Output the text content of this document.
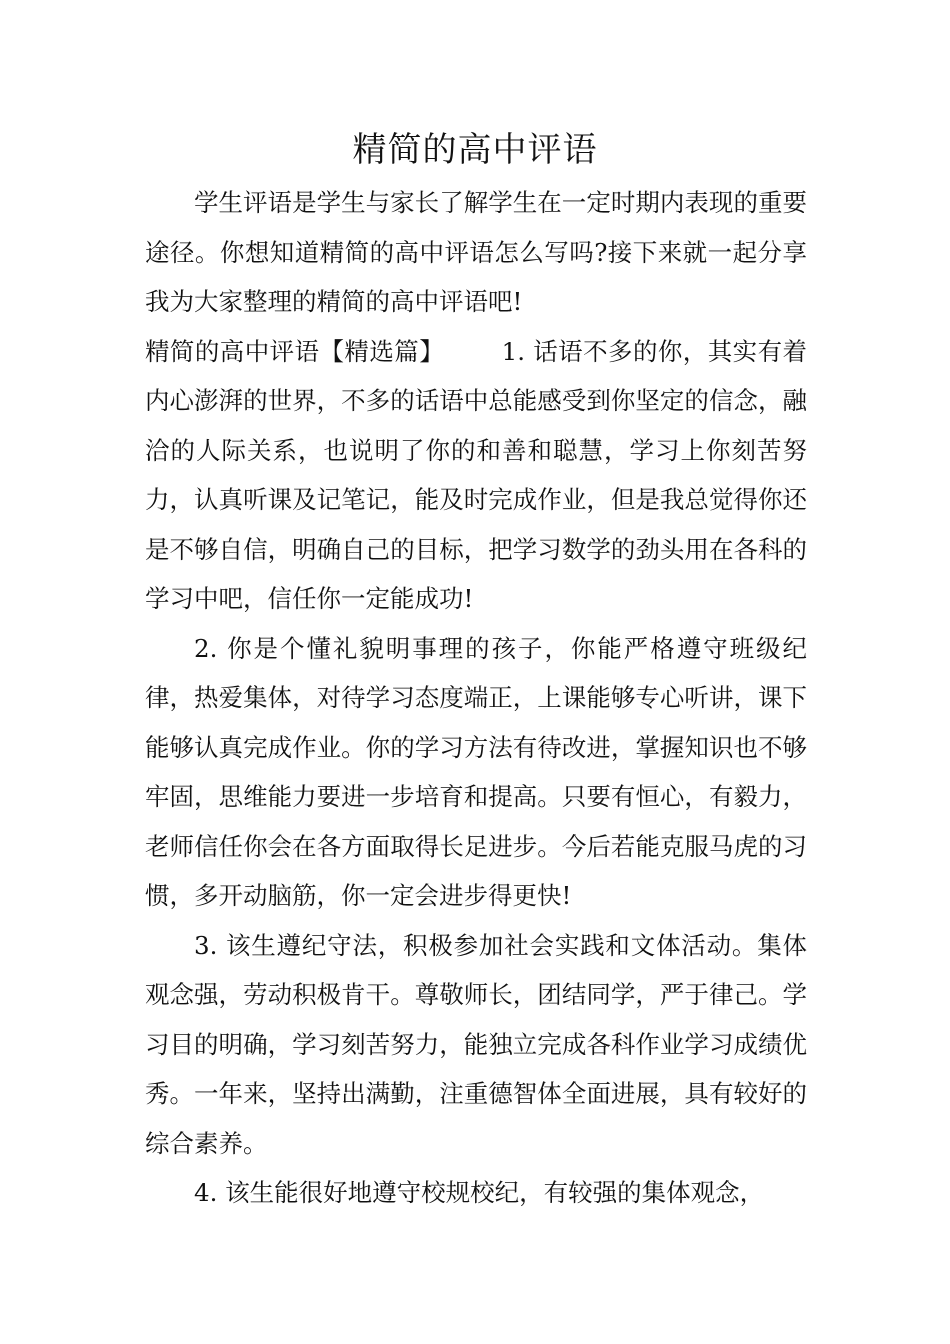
精简的高中评语

学生评语是学生与家长了解学生在一定时期内表现的重要途径。你想知道精简的高中评语怎么写吗?接下来就一起分享我为大家整理的精简的高中评语吧!

精简的高中评语【精选篇】 1. 话语不多的你，其实有着内心澎湃的世界，不多的话语中总能感受到你坚定的信念，融洽的人际关系，也说明了你的和善和聪慧，学习上你刻苦努力，认真听课及记笔记，能及时完成作业，但是我总觉得你还是不够自信，明确自己的目标，把学习数学的劲头用在各科的学习中吧，信任你一定能成功!

2. 你是个懂礼貌明事理的孩子，你能严格遵守班级纪律，热爱集体，对待学习态度端正，上课能够专心听讲，课下能够认真完成作业。你的学习方法有待改进，掌握知识也不够牢固，思维能力要进一步培育和提高。只要有恒心，有毅力，老师信任你会在各方面取得长足进步。今后若能克服马虎的习惯，多开动脑筋，你一定会进步得更快!

3. 该生遵纪守法，积极参加社会实践和文体活动。集体观念强，劳动积极肯干。尊敬师长，团结同学，严于律己。学习目的明确，学习刻苦努力，能独立完成各科作业学习成绩优秀。一年来，坚持出满勤，注重德智体全面进展，具有较好的综合素养。

4. 该生能很好地遵守校规校纪，有较强的集体观念，
